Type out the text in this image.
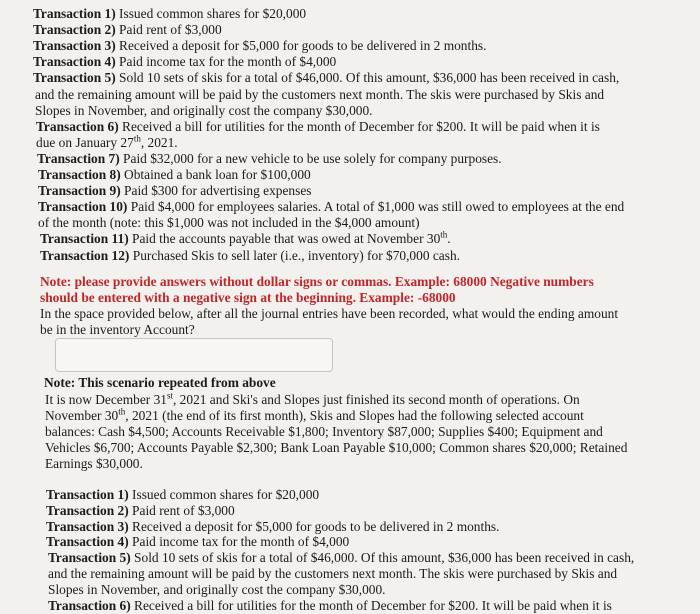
Transaction 1) Issued common shares for $20,000
Transaction 2) Paid rent of $3,000
Transaction 3) Received a deposit for $5,000 for goods to be delivered in 2 months.
Transaction 4) Paid income tax for the month of $4,000
Transaction 5) Sold 10 sets of skis for a total of $46,000. Of this amount, $36,000 has been received in cash,
and the remaining amount will be paid by the customers next month. The skis were purchased by Skis and
Slopes in November, and originally cost the company $30,000.
Transaction 6) Received a bill for utilities for the month of December for $200. It will be paid when it is
due on January 27th, 2021.
Transaction 7) Paid $32,000 for a new vehicle to be use solely for company purposes.
Transaction 8) Obtained a bank loan for $100,000
Transaction 9) Paid $300 for advertising expenses
Transaction 10) Paid $4,000 for employees salaries. A total of $1,000 was still owed to employees at the end
of the month (note: this $1,000 was not included in the $4,000 amount)
Transaction 11) Paid the accounts payable that was owed at November 30th.
Transaction 12) Purchased Skis to sell later (i.e., inventory) for $70,000 cash.
Note: please provide answers without dollar signs or commas. Example: 68000 Negative numbers
should be entered with a negative sign at the beginning. Example: -68000
In the space provided below, after all the journal entries have been recorded, what would the ending amount
be in the inventory Account?
Note: This scenario repeated from above
It is now December 31st, 2021 and Ski's and Slopes just finished its second month of operations. On
November 30th, 2021 (the end of its first month), Skis and Slopes had the following selected account
balances: Cash $4,500; Accounts Receivable $1,800; Inventory $87,000; Supplies $400; Equipment and
Vehicles $6,700; Accounts Payable $2,300; Bank Loan Payable $10,000; Common shares $20,000; Retained
Earnings $30,000.
Transaction 1) Issued common shares for $20,000
Transaction 2) Paid rent of $3,000
Transaction 3) Received a deposit for $5,000 for goods to be delivered in 2 months.
Transaction 4) Paid income tax for the month of $4,000
Transaction 5) Sold 10 sets of skis for a total of $46,000. Of this amount, $36,000 has been received in cash,
and the remaining amount will be paid by the customers next month. The skis were purchased by Skis and
Slopes in November, and originally cost the company $30,000.
Transaction 6) Received a bill for utilities for the month of December for $200. It will be paid when it is
